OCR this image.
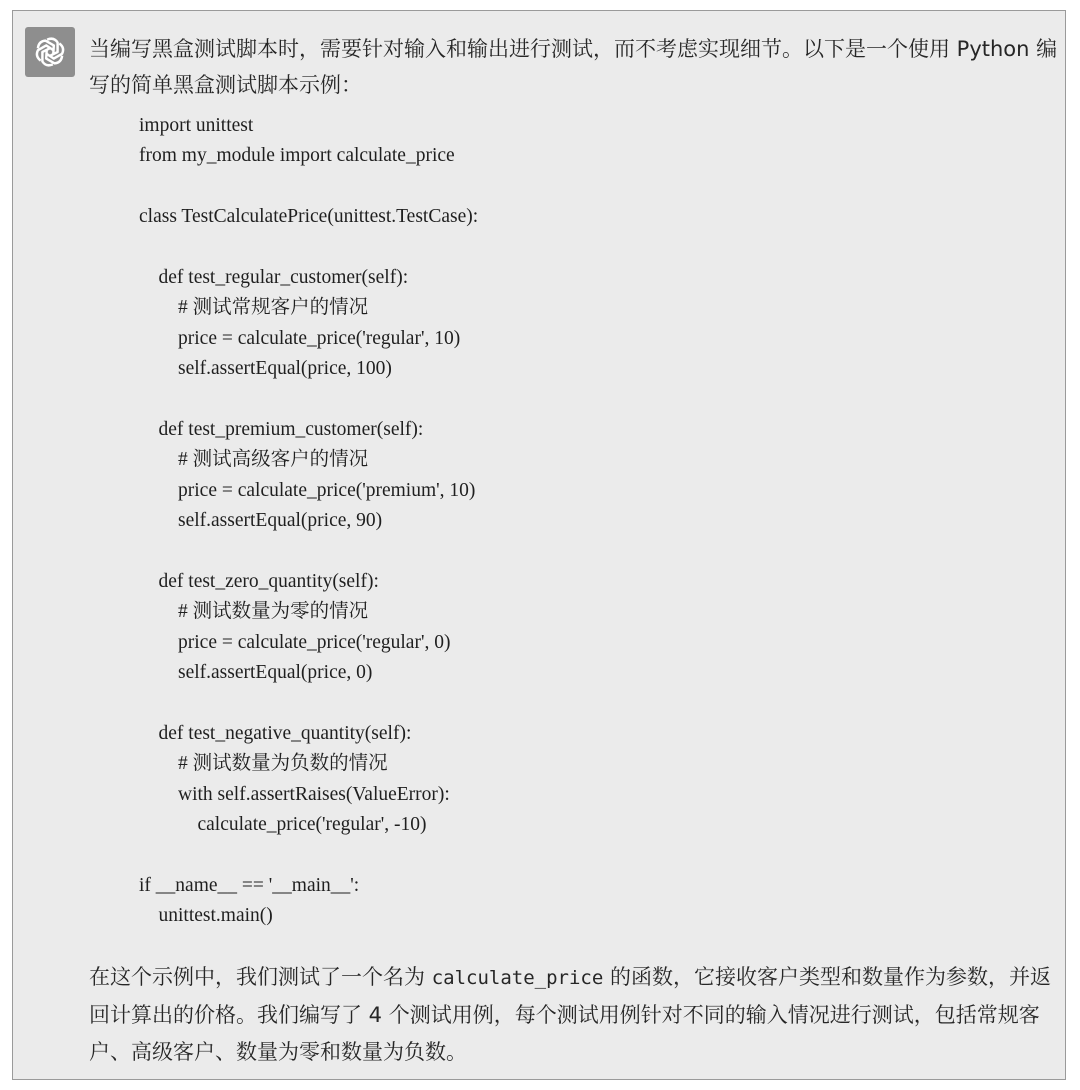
当编写黑盒测试脚本时，需要针对输入和输出进行测试，而不考虑实现细节。以下是一个使用 Python 编写的简单黑盒测试脚本示例：

import unittest
from my_module import calculate_price
class TestCalculatePrice(unittest.TestCase):
def test_regular_customer(self):
# 测试常规客户的情况
price = calculate_price('regular', 10)
self.assertEqual(price, 100)
def test_premium_customer(self):
# 测试高级客户的情况
price = calculate_price('premium', 10)
self.assertEqual(price, 90)
def test_zero_quantity(self):
# 测试数量为零的情况
price = calculate_price('regular', 0)
self.assertEqual(price, 0)
def test_negative_quantity(self):
# 测试数量为负数的情况
with self.assertRaises(ValueError):
calculate_price('regular', -10)
if __name__ == '__main__':
unittest.main()

在这个示例中，我们测试了一个名为 calculate_price 的函数，它接收客户类型和数量作为参数，并返回计算出的价格。我们编写了 4 个测试用例，每个测试用例针对不同的输入情况进行测试，包括常规客户、高级客户、数量为零和数量为负数。
